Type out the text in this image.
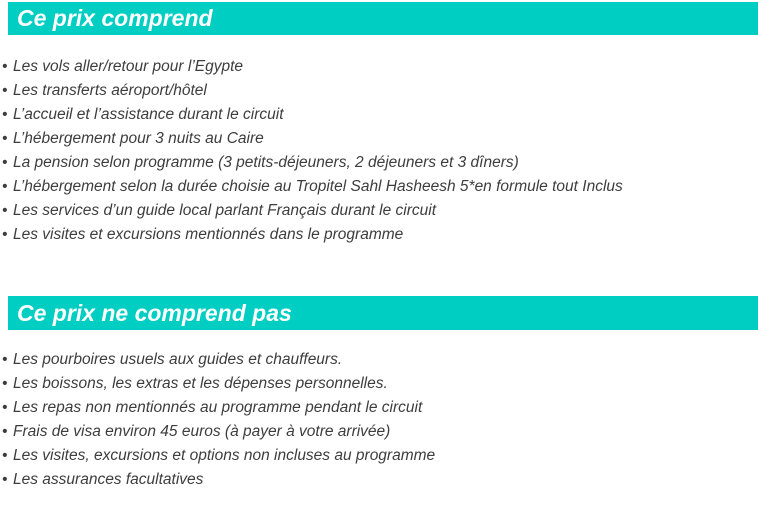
Ce prix comprend
• Les vols aller/retour pour l’Egypte
• Les transferts aéroport/hôtel
• L’accueil et l’assistance durant le circuit
• L’hébergement pour 3 nuits au Caire
• La pension selon programme (3 petits-déjeuners, 2 déjeuners et 3 dîners)
• L’hébergement selon la durée choisie au Tropitel Sahl Hasheesh 5*en formule tout Inclus
• Les services d’un guide local parlant Français durant le circuit
• Les visites et excursions mentionnés dans le programme
Ce prix ne comprend pas
• Les pourboires usuels aux guides et chauffeurs.
• Les boissons, les extras et les dépenses personnelles.
• Les repas non mentionnés au programme pendant le circuit
• Frais de visa environ 45 euros (à payer à votre arrivée)
• Les visites, excursions et options non incluses au programme
• Les assurances facultatives
